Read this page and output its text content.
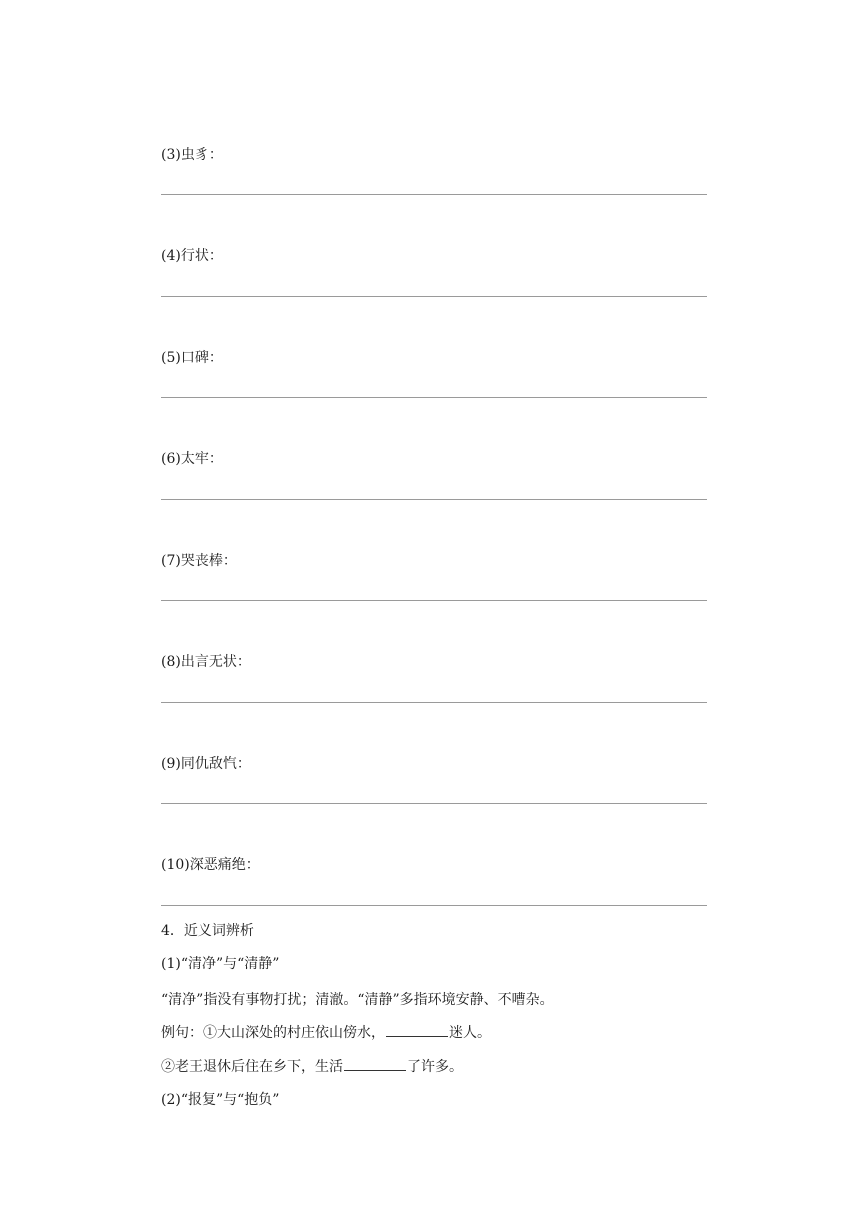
(3)虫豸：
(4)行状：
(5)口碑：
(6)太牢：
(7)哭丧棒：
(8)出言无状：
(9)同仇敌忾：
(10)深恶痛绝：
4．近义词辨析
(1)“清净”与“清静”
“清净”指没有事物打扰；清澈。“清静”多指环境安静、不嘈杂。
例句：①大山深处的村庄依山傍水，	迷人。
②老王退休后住在乡下，生活	了许多。
(2)“报复”与“抱负”
